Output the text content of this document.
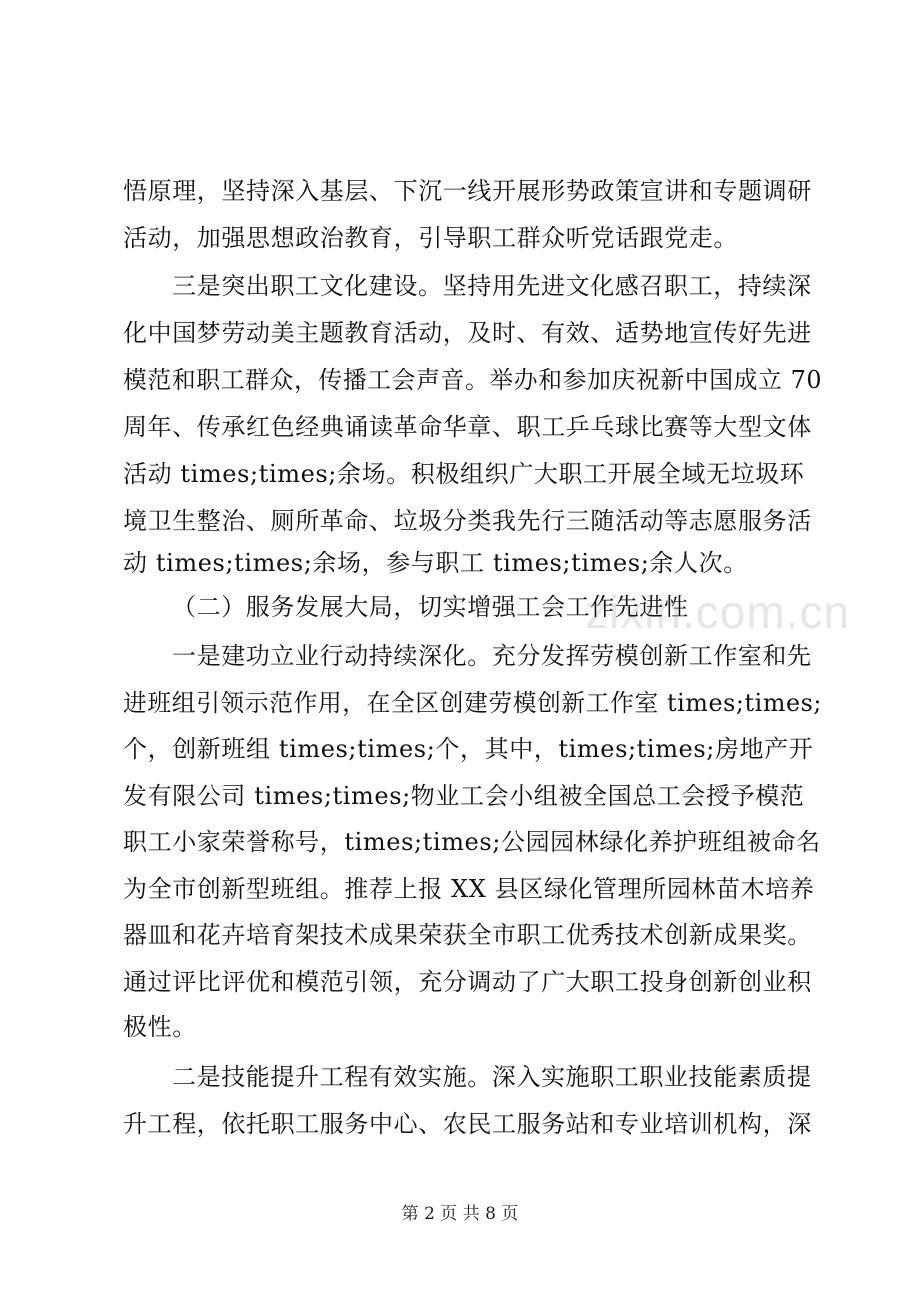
zixin.com.cn
悟原理，坚持深入基层、下沉一线开展形势政策宣讲和专题调研
活动，加强思想政治教育，引导职工群众听党话跟党走。
三是突出职工文化建设。坚持用先进文化感召职工，持续深
化中国梦劳动美主题教育活动，及时、有效、适势地宣传好先进
模范和职工群众，传播工会声音。举办和参加庆祝新中国成立 70
周年、传承红色经典诵读革命华章、职工乒乓球比赛等大型文体
活动 times;times;余场。积极组织广大职工开展全域无垃圾环
境卫生整治、厕所革命、垃圾分类我先行三随活动等志愿服务活
动 times;times;余场，参与职工 times;times;余人次。
（二）服务发展大局，切实增强工会工作先进性
一是建功立业行动持续深化。充分发挥劳模创新工作室和先
进班组引领示范作用，在全区创建劳模创新工作室 times;times;
个，创新班组 times;times;个，其中，times;times;房地产开
发有限公司 times;times;物业工会小组被全国总工会授予模范
职工小家荣誉称号，times;times;公园园林绿化养护班组被命名
为全市创新型班组。推荐上报 XX 县区绿化管理所园林苗木培养
器皿和花卉培育架技术成果荣获全市职工优秀技术创新成果奖。
通过评比评优和模范引领，充分调动了广大职工投身创新创业积
极性。
二是技能提升工程有效实施。深入实施职工职业技能素质提
升工程，依托职工服务中心、农民工服务站和专业培训机构，深
第 2 页 共 8 页
